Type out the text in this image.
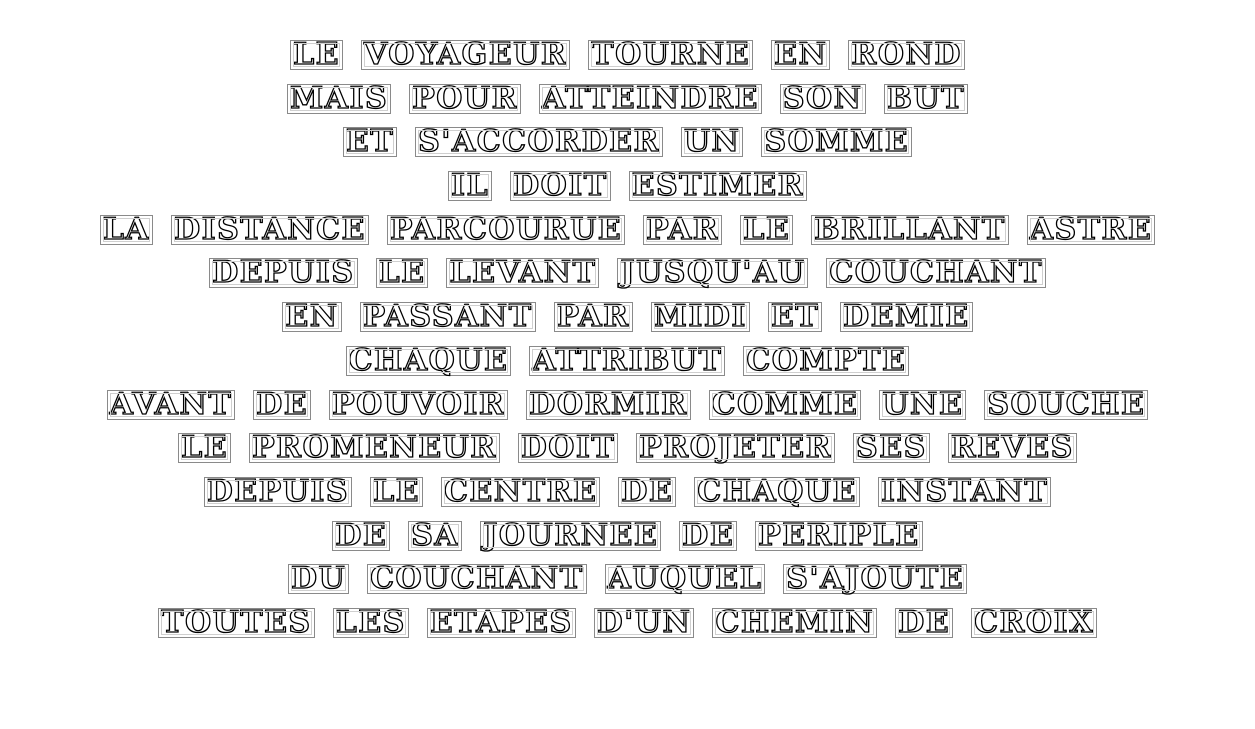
LE VOYAGEUR TOURNE EN ROND
MAIS POUR ATTEINDRE SON BUT
ET S'ACCORDER UN SOMME
IL DOIT ESTIMER
LA DISTANCE PARCOURUE PAR LE BRILLANT ASTRE
DEPUIS LE LEVANT JUSQU'AU COUCHANT
EN PASSANT PAR MIDI ET DEMIE
CHAQUE ATTRIBUT COMPTE
AVANT DE POUVOIR DORMIR COMME UNE SOUCHE
LE PROMENEUR DOIT PROJETER SES REVES
DEPUIS LE CENTRE DE CHAQUE INSTANT
DE SA JOURNEE DE PERIPLE
DU COUCHANT AUQUEL S'AJOUTE
TOUTES LES ETAPES D'UN CHEMIN DE CROIX
